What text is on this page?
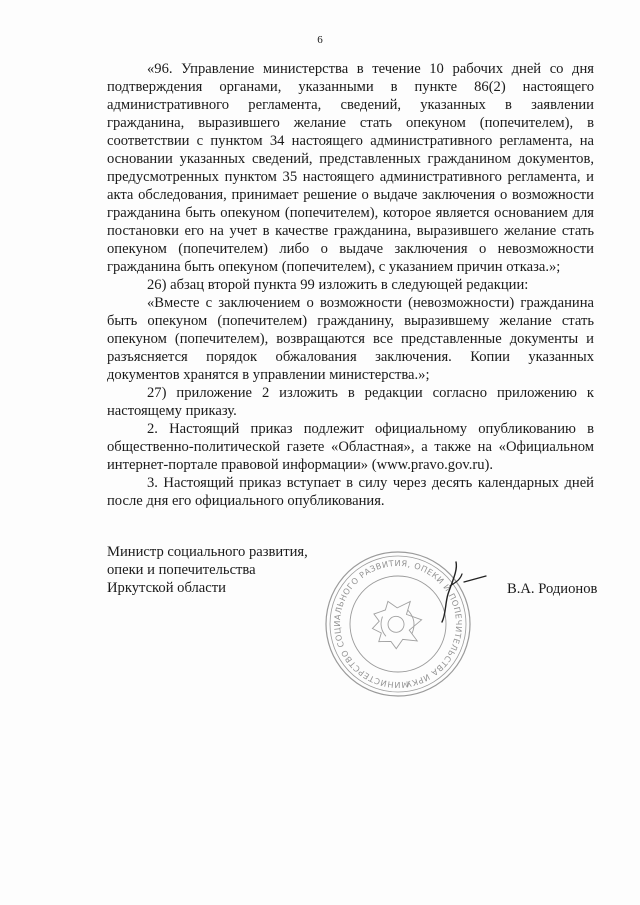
6

«96. Управление министерства в течение 10 рабочих дней со дня подтверждения органами, указанными в пункте 86(2) настоящего административного регламента, сведений, указанных в заявлении гражданина, выразившего желание стать опекуном (попечителем), в соответствии с пунктом 34 настоящего административного регламента, на основании указанных сведений, представленных гражданином документов, предусмотренных пунктом 35 настоящего административного регламента, и акта обследования, принимает решение о выдаче заключения о возможности гражданина быть опекуном (попечителем), которое является основанием для постановки его на учет в качестве гражданина, выразившего желание стать опекуном (попечителем) либо о выдаче заключения о невозможности гражданина быть опекуном (попечителем), с указанием причин отказа.»;

26) абзац второй пункта 99 изложить в следующей редакции:

«Вместе с заключением о возможности (невозможности) гражданина быть опекуном (попечителем) гражданину, выразившему желание стать опекуном (попечителем), возвращаются все представленные документы и разъясняется порядок обжалования заключения. Копии указанных документов хранятся в управлении министерства.»;

27) приложение 2 изложить в редакции согласно приложению к настоящему приказу.

2. Настоящий приказ подлежит официальному опубликованию в общественно-политической газете «Областная», а также на «Официальном интернет-портале правовой информации» (www.pravo.gov.ru).

3. Настоящий приказ вступает в силу через десять календарных дней после дня его официального опубликования.

Министр социального развития,
опеки и попечительства
Иркутской области
МИНИСТЕРСТВО СОЦИАЛЬНОГО РАЗВИТИЯ, ОПЕКИ И ПОПЕЧИТЕЛЬСТВА ИРКУТСКОЙ
В.А. Родионов
